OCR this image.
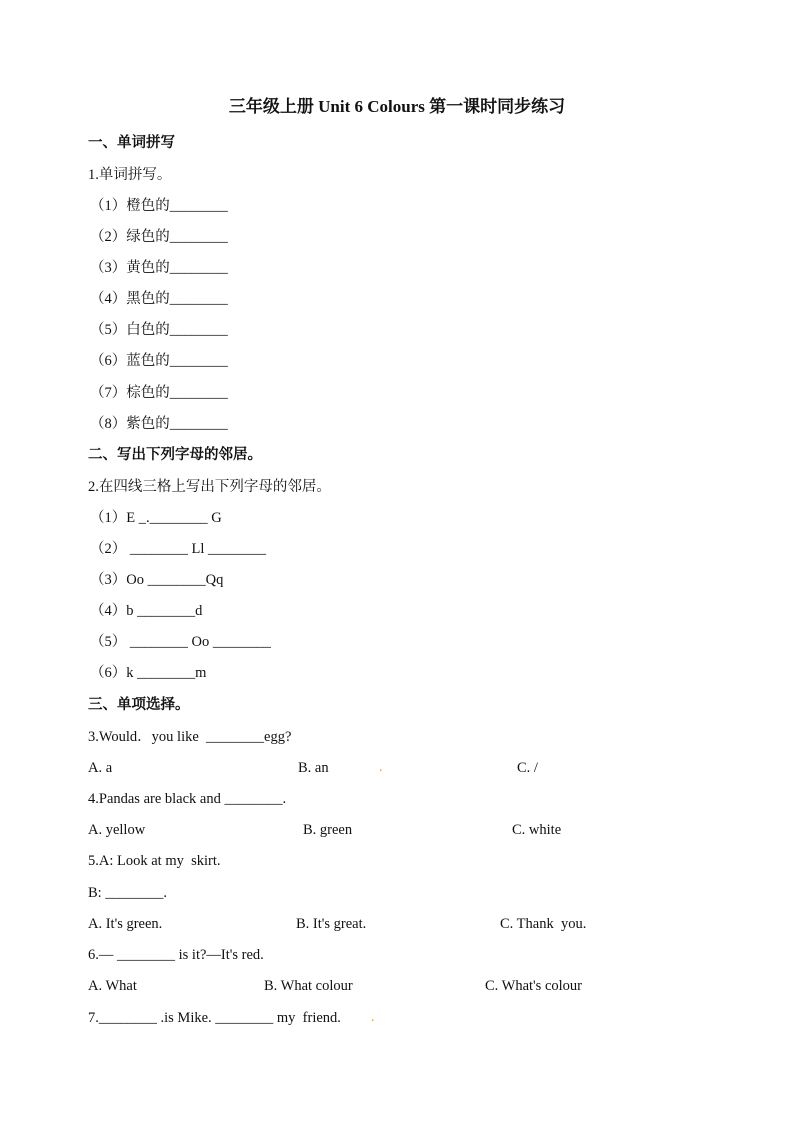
三年级上册 Unit 6 Colours 第一课时同步练习
一、单词拼写
1.单词拼写。
（1）橙色的________
（2）绿色的________
（3）黄色的________
（4）黑色的________
（5）白色的________
（6）蓝色的________
（7）棕色的________
（8）紫色的________
二、写出下列字母的邻居。
2.在四线三格上写出下列字母的邻居。
（1）E _.________ G
（2） ________ Ll ________
（3）Oo ________Qq
（4）b ________d
（5） ________ Oo ________
（6）k ________m
三、单项选择。
3.Would．you like  ________egg?
A. a	B. an	.	C. /
4.Pandas are black and ________.
A. yellow	B. green	C. white
5.A: Look at my  skirt.
B: ________.
A. It's green.	B. It's great.	C. Thank  you.
6.— ________ is it?—It's red.
A. What	B. What colour	C. What's colour
7.________ .is Mike. ________ my  friend. .
